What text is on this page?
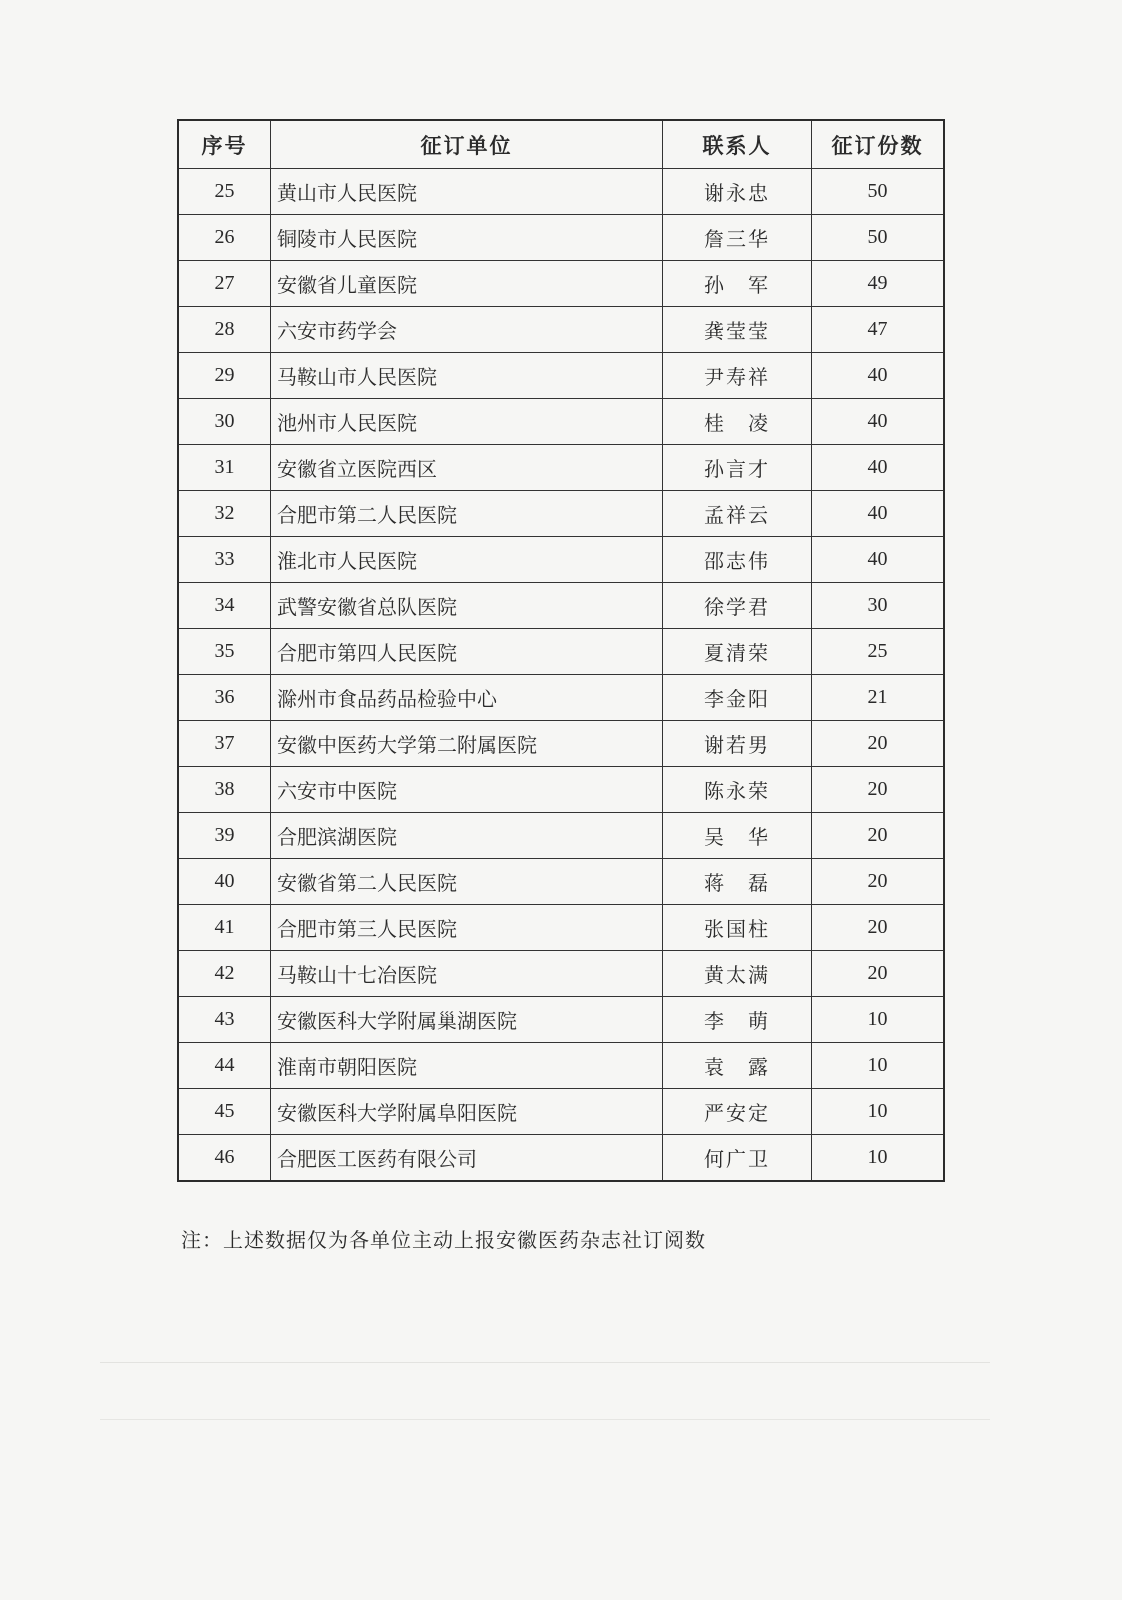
序号	征订单位	联系人	征订份数
25	黄山市人民医院	谢永忠	50
26	铜陵市人民医院	詹三华	50
27	安徽省儿童医院	孙　军	49
28	六安市药学会	龚莹莹	47
29	马鞍山市人民医院	尹寿祥	40
30	池州市人民医院	桂　凌	40
31	安徽省立医院西区	孙言才	40
32	合肥市第二人民医院	孟祥云	40
33	淮北市人民医院	邵志伟	40
34	武警安徽省总队医院	徐学君	30
35	合肥市第四人民医院	夏清荣	25
36	滁州市食品药品检验中心	李金阳	21
37	安徽中医药大学第二附属医院	谢若男	20
38	六安市中医院	陈永荣	20
39	合肥滨湖医院	吴　华	20
40	安徽省第二人民医院	蒋　磊	20
41	合肥市第三人民医院	张国柱	20
42	马鞍山十七冶医院	黄太满	20
43	安徽医科大学附属巢湖医院	李　萌	10
44	淮南市朝阳医院	袁　露	10
45	安徽医科大学附属阜阳医院	严安定	10
46	合肥医工医药有限公司	何广卫	10
注：上述数据仅为各单位主动上报安徽医药杂志社订阅数
